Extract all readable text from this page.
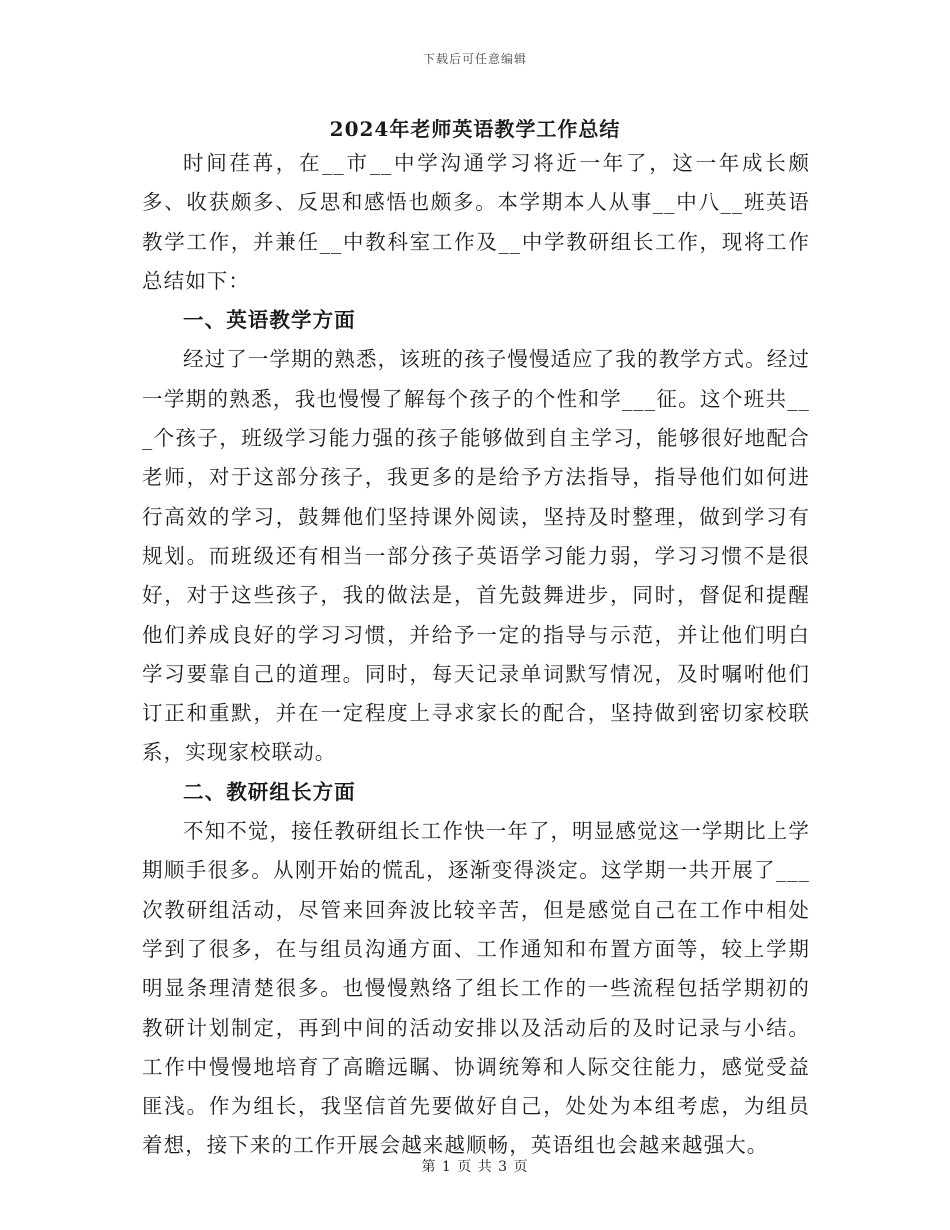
下载后可任意编辑
2024年老师英语教学工作总结

时间荏苒，在__市__中学沟通学习将近一年了，这一年成长颇多、收获颇多、反思和感悟也颇多。本学期本人从事__中八__班英语教学工作，并兼任__中教科室工作及__中学教研组长工作，现将工作总结如下：

一、英语教学方面

经过了一学期的熟悉，该班的孩子慢慢适应了我的教学方式。经过一学期的熟悉，我也慢慢了解每个孩子的个性和学___征。这个班共___个孩子，班级学习能力强的孩子能够做到自主学习，能够很好地配合老师，对于这部分孩子，我更多的是给予方法指导，指导他们如何进行高效的学习，鼓舞他们坚持课外阅读，坚持及时整理，做到学习有规划。而班级还有相当一部分孩子英语学习能力弱，学习习惯不是很好，对于这些孩子，我的做法是，首先鼓舞进步，同时，督促和提醒他们养成良好的学习习惯，并给予一定的指导与示范，并让他们明白学习要靠自己的道理。同时，每天记录单词默写情况，及时嘱咐他们订正和重默，并在一定程度上寻求家长的配合，坚持做到密切家校联系，实现家校联动。

二、教研组长方面

不知不觉，接任教研组长工作快一年了，明显感觉这一学期比上学期顺手很多。从刚开始的慌乱，逐渐变得淡定。这学期一共开展了___次教研组活动，尽管来回奔波比较辛苦，但是感觉自己在工作中相处学到了很多，在与组员沟通方面、工作通知和布置方面等，较上学期明显条理清楚很多。也慢慢熟络了组长工作的一些流程包括学期初的教研计划制定，再到中间的活动安排以及活动后的及时记录与小结。工作中慢慢地培育了高瞻远瞩、协调统筹和人际交往能力，感觉受益匪浅。作为组长，我坚信首先要做好自己，处处为本组考虑，为组员着想，接下来的工作开展会越来越顺畅，英语组也会越来越强大。

第 1 页 共 3 页
